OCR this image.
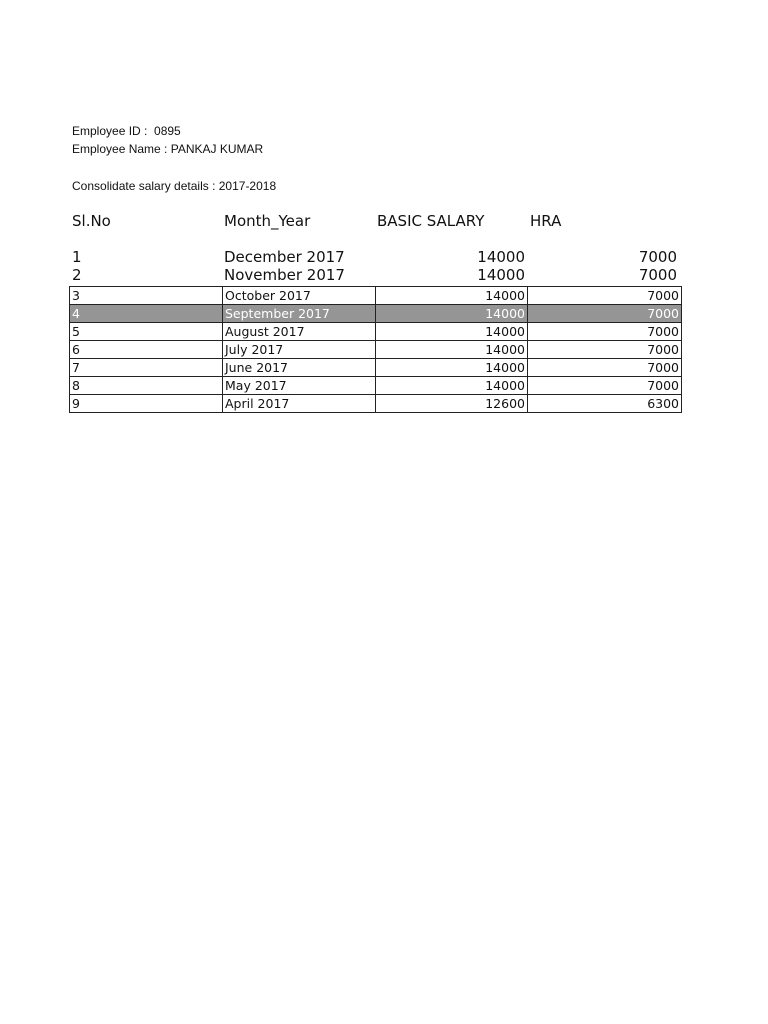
Employee ID :  0895
Employee Name : PANKAJ KUMAR
Consolidate salary details : 2017-2018
Sl.No	Month_Year	BASIC SALARY	HRA
1	December 2017	14000	7000
2	November 2017	14000	7000
3	October 2017	14000	7000
4	September 2017	14000	7000
5	August 2017	14000	7000
6	July 2017	14000	7000
7	June 2017	14000	7000
8	May 2017	14000	7000
9	April 2017	12600	6300
